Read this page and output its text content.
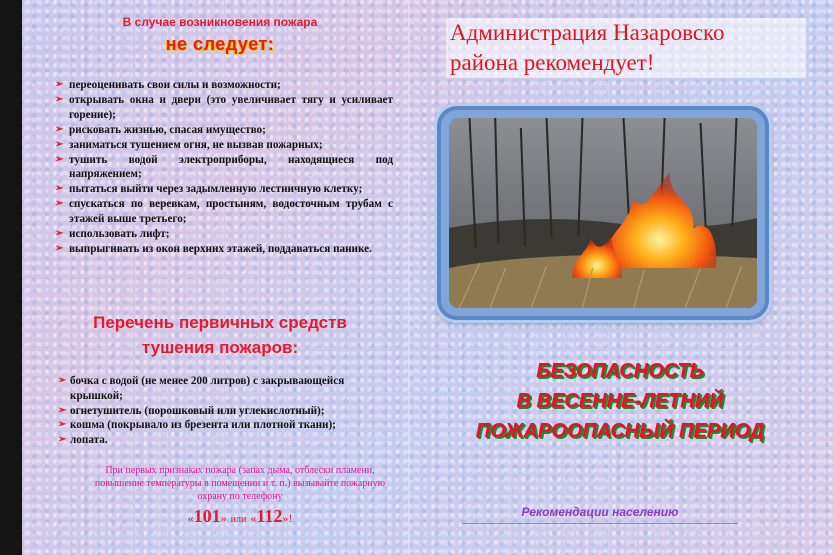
В случае возникновения пожара
не следует:
➢ переоценивать свои силы и возможности;
➢ открывать окна и двери (это увеличивает тягу и усиливает горение);
➢ рисковать жизнью, спасая имущество;
➢ заниматься тушением огня, не вызвав пожарных;
➢ тушить водой электроприборы, находящиеся под напряжением;
➢ пытаться выйти через задымленную лестничную клетку;
➢ спускаться по веревкам, простыням, водосточным трубам с этажей выше третьего;
➢ использовать лифт;
➢ выпрыгивать из окон верхних этажей, поддаваться панике.
Перечень первичных средств
тушения пожаров:
➢ бочка с водой (не менее 200 литров) с закрывающейся крышкой;
➢ огнетушитель (порошковый или углекислотный);
➢ кошма (покрывало из брезента или плотной ткани);
➢ лопата.
При первых признаках пожара (запах дыма, отблески пламени, повышение температуры в помещении и т. п.) вызывайте пожарную охрану по телефону
«101» или «112»!
Администрация Назаровско
района рекомендует!
БЕЗОПАСНОСТЬ
В ВЕСЕННЕ-ЛЕТНИЙ
ПОЖАРООПАСНЫЙ ПЕРИОД
Рекомендации населению
